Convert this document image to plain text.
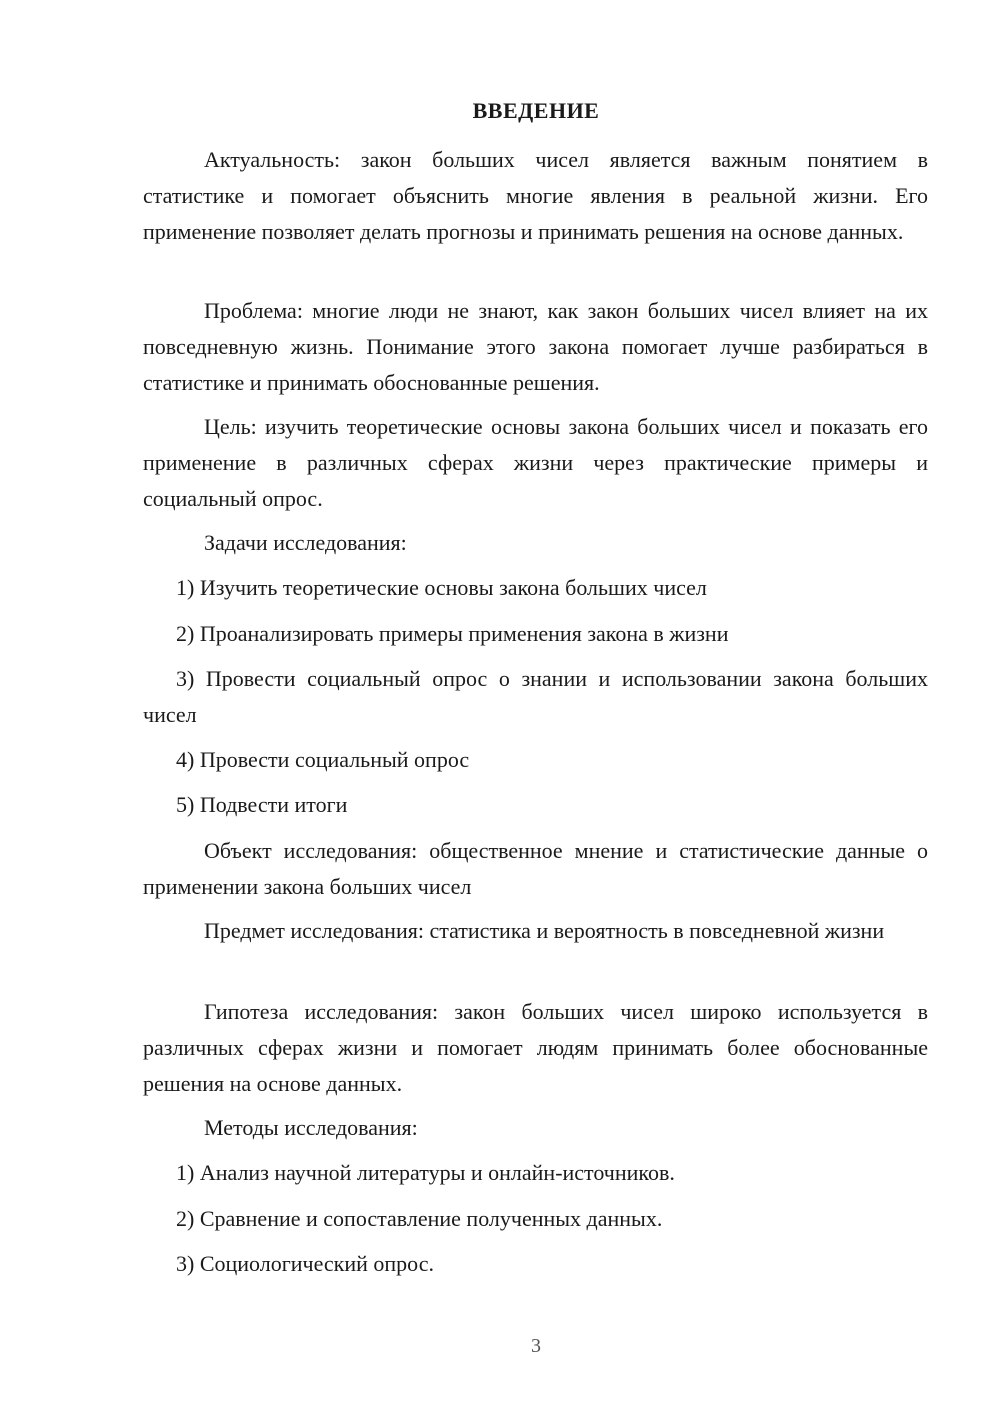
ВВЕДЕНИЕ

Актуальность: закон больших чисел является важным понятием в статистике и помогает объяснить многие явления в реальной жизни. Его применение позволяет делать прогнозы и принимать решения на основе данных.

Проблема: многие люди не знают, как закон больших чисел влияет на их повседневную жизнь. Понимание этого закона помогает лучше разбираться в статистике и принимать обоснованные решения.

Цель: изучить теоретические основы закона больших чисел и показать его применение в различных сферах жизни через практические примеры и социальный опрос.

Задачи исследования:

1) Изучить теоретические основы закона больших чисел

2) Проанализировать примеры применения закона в жизни

3) Провести социальный опрос о знании и использовании закона больших чисел

4) Провести социальный опрос

5) Подвести итоги

Объект исследования: общественное мнение и статистические данные о применении закона больших чисел

Предмет исследования: статистика и вероятность в повседневной жизни

Гипотеза исследования: закон больших чисел широко используется в различных сферах жизни и помогает людям принимать более обоснованные решения на основе данных.

Методы исследования:

1) Анализ научной литературы и онлайн-источников.

2) Сравнение и сопоставление полученных данных.

3) Социологический опрос.

3
